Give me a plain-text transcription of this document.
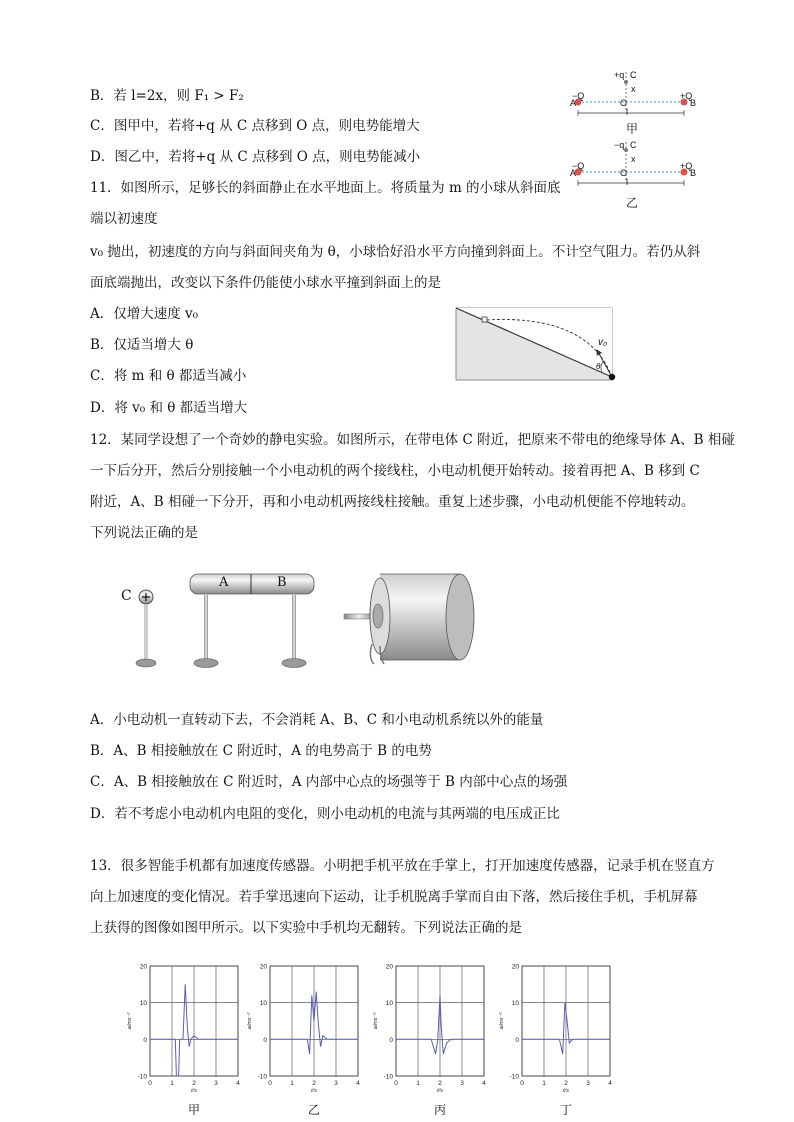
B．若 l=2x，则 F₁ > F₂
C．图甲中，若将+q 从 C 点移到 O 点，则电势能增大
D．图乙中，若将+q 从 C 点移到 O 点，则电势能减小
+q C
x
−Q
A	O
+Q
B
l
甲
−q C
x
−Q
A	O
+Q
B
l
乙
11．如图所示，足够长的斜面静止在水平地面上。将质量为 m 的小球从斜面底
端以初速度
v₀ 抛出，初速度的方向与斜面间夹角为 θ，小球恰好沿水平方向撞到斜面上。不计空气阻力。若仍从斜
面底端抛出，改变以下条件仍能使小球水平撞到斜面上的是
A．仅增大速度 v₀
B．仅适当增大 θ
C．将 m 和 θ 都适当减小
D．将 v₀ 和 θ 都适当增大
v₀
θ
12．某同学设想了一个奇妙的静电实验。如图所示，在带电体 C 附近，把原来不带电的绝缘导体 A、B 相碰
一下后分开，然后分别接触一个小电动机的两个接线柱，小电动机便开始转动。接着再把 A、B 移到 C
附近，A、B 相碰一下分开，再和小电动机两接线柱接触。重复上述步骤，小电动机便能不停地转动。
下列说法正确的是
C
A	B
A．小电动机一直转动下去，不会消耗 A、B、C 和小电动机系统以外的能量
B．A、B 相接触放在 C 附近时，A 的电势高于 B 的电势
C．A、B 相接触放在 C 附近时，A 内部中心点的场强等于 B 内部中心点的场强
D．若不考虑小电动机内电阻的变化，则小电动机的电流与其两端的电压成正比
13．很多智能手机都有加速度传感器。小明把手机平放在手掌上，打开加速度传感器，记录手机在竖直方
向上加速度的变化情况。若手掌迅速向下运动，让手机脱离手掌而自由下落，然后接住手机，手机屏幕
上获得的图像如图甲所示。以下实验中手机均无翻转。下列说法正确的是
0	1	2	3	4
-10
0
10
20
t/s
a/ms⁻²
甲
0	1	2	3	4
-10
0
10
20
t/s
a/ms⁻²
乙
0	1	2	3	4
-10
0
10
20
t/s
a/ms⁻²
丙
0	1	2	3	4
-10
0
10
20
t/s
a/ms⁻²
丁
